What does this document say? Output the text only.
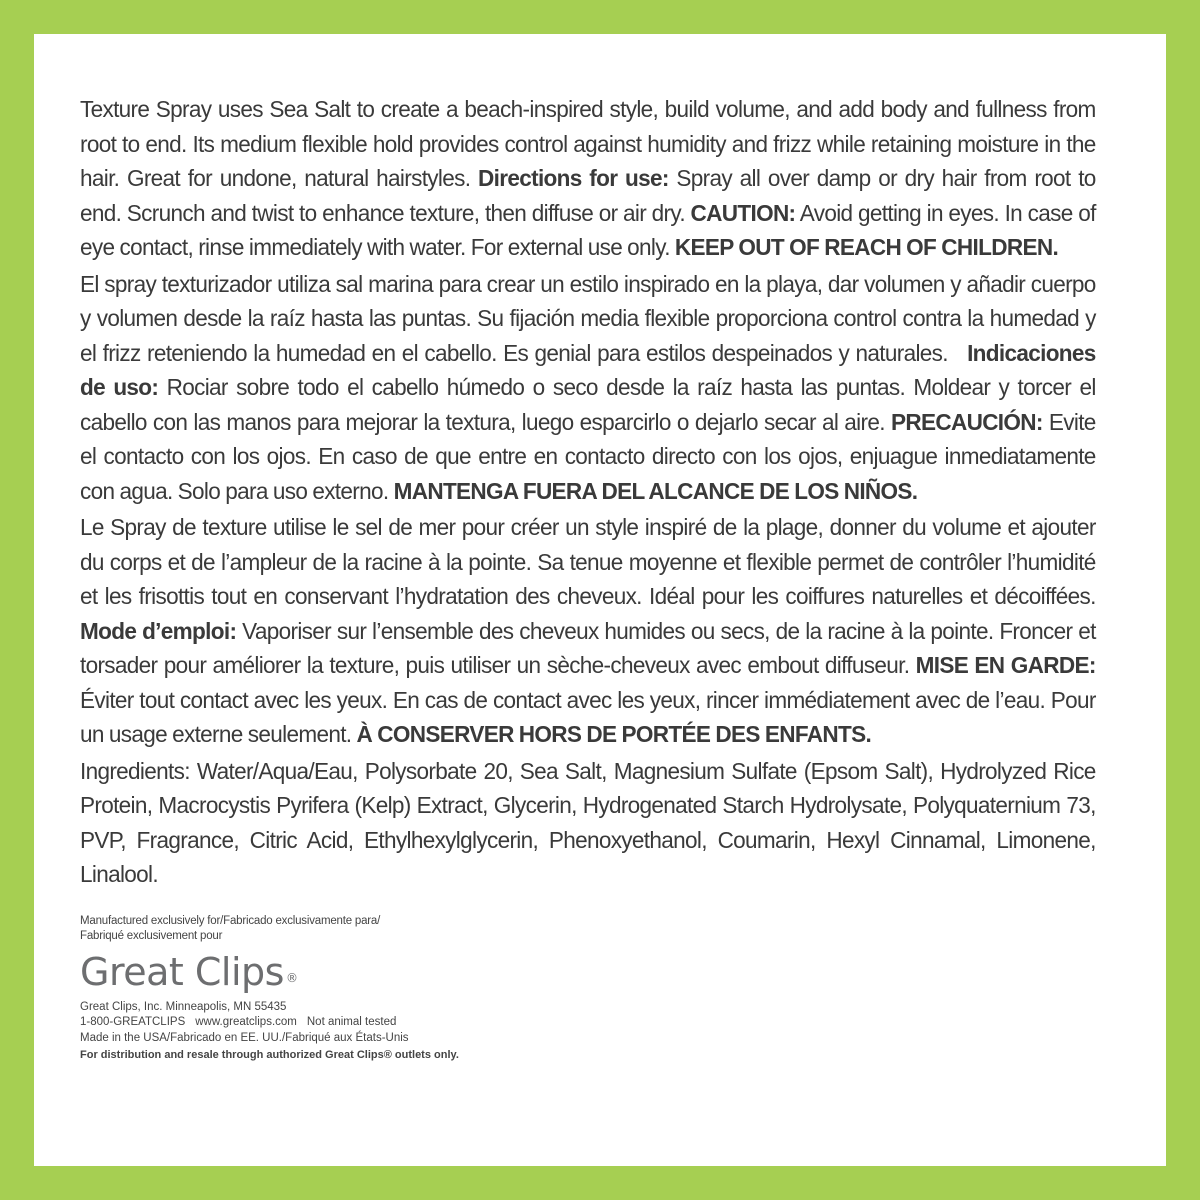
Texture Spray uses Sea Salt to create a beach-inspired style, build volume, and add body and fullness from root to end. Its medium flexible hold provides control against humidity and frizz while retaining moisture in the hair. Great for undone, natural hairstyles. Directions for use: Spray all over damp or dry hair from root to end. Scrunch and twist to enhance texture, then diffuse or air dry. CAUTION: Avoid getting in eyes. In case of eye contact, rinse immediately with water. For external use only. KEEP OUT OF REACH OF CHILDREN.

El spray texturizador utiliza sal marina para crear un estilo inspirado en la playa, dar volumen y añadir cuerpo y volumen desde la raíz hasta las puntas. Su fijación media flexible proporciona control contra la humedad y el frizz reteniendo la humedad en el cabello. Es genial para estilos despeinados y naturales.   Indicaciones de uso: Rociar sobre todo el cabello húmedo o seco desde la raíz hasta las puntas. Moldear y torcer el cabello con las manos para mejorar la textura, luego esparcirlo o dejarlo secar al aire. PRECAUCIÓN: Evite el contacto con los ojos. En caso de que entre en contacto directo con los ojos, enjuague inmediatamente con agua. Solo para uso externo. MANTENGA FUERA DEL ALCANCE DE LOS NIÑOS.

Le Spray de texture utilise le sel de mer pour créer un style inspiré de la plage, donner du volume et ajouter du corps et de l’ampleur de la racine à la pointe. Sa tenue moyenne et flexible permet de contrôler l’humidité et les frisottis tout en conservant l’hydratation des cheveux. Idéal pour les coiffures naturelles et décoiffées. Mode d’emploi: Vaporiser sur l’ensemble des cheveux humides ou secs, de la racine à la pointe. Froncer et torsader pour améliorer la texture, puis utiliser un sèche-cheveux avec embout diffuseur. MISE EN GARDE: Éviter tout contact avec les yeux. En cas de contact avec les yeux, rincer immédiatement avec de l’eau. Pour un usage externe seulement. À CONSERVER HORS DE PORTÉE DES ENFANTS.

Ingredients: Water/Aqua/Eau, Polysorbate 20, Sea Salt, Magnesium Sulfate (Epsom Salt), Hydrolyzed Rice Protein, Macrocystis Pyrifera (Kelp) Extract, Glycerin, Hydrogenated Starch Hydrolysate, Polyquaternium 73, PVP, Fragrance, Citric Acid, Ethylhexylglycerin, Phenoxyethanol, Coumarin, Hexyl Cinnamal, Limonene, Linalool.

Manufactured exclusively for/Fabricado exclusivamente para/
Fabriqué exclusivement pour
Great Clips ®
Great Clips, Inc. Minneapolis, MN 55435
1-800-GREATCLIPS www.greatclips.com Not animal tested
Made in the USA/Fabricado en EE. UU./Fabriqué aux États-Unis
For distribution and resale through authorized Great Clips® outlets only.
